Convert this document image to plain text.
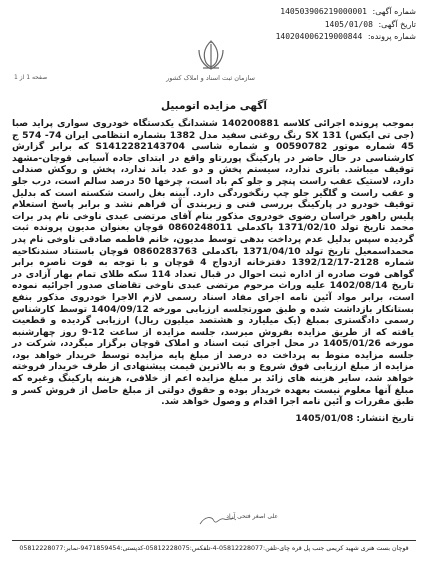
شماره آگهی: 140503906219000001
تاریخ آگهی: 1405/01/08
شماره پرونده: 140204006219000844
سازمان ثبت اسناد و املاک کشور
صفحه 1 از 1
آگهی مزایده اتومبیل
بموجب پرونده اجرائی کلاسه 140200881 ششدانگ یکدستگاه خودروی سواری پراید صبا (جی تی ایکس) SX 131 رنگ روغنی سفید مدل 1382 بشماره انتظامی ایران 74- 574 ج 45 شماره موتور 00590782 و شماره شاسی S1412282143704 که برابر گزارش کارشناسی در حال حاضر در پارکینگ پوررتاو واقع در ابتدای جاده آسیابی قوچان-مشهد توقیف میباشد. باتری ندارد، سیستم پخش و دو عدد باند ندارد، پخش و روکش صندلی دارد، لاستیک عقب راست پنچر و جلو کم باد است، چرخها 50 درصد سالم است، درب جلو و عقب راست و گلگیر جلو چپ رنگخوردگی دارد. آیینه بغل راست شکسته است که بدلیل توقیف خودرو در پارکینگ بررسی فنی و زیربندی آن فراهم نشد و برابر پاسخ استعلام پلیس راهور خراسان رضوی خودروی مذکور بنام آقای مرتضی عبدی ناوخی نام پدر برات محمد تاریخ تولد 1371/02/10 باکدملی 0860248011 قوچان بعنوان مدیون پرونده ثبت گردیده سپس بدلیل عدم پرداخت بدهی توسط مدیون، خانم فاطمه صادقی ناوخی نام پدر محمداسمعیل تاریخ تولد 1371/04/10 باکدملی 0860283763 قوچان باستناد سندنکاحیه شماره 2128-1392/12/17 دفترخانه ازدواج 4 قوچان و با توجه به فوت ناصره برابر گواهی فوت صادره از اداره ثبت احوال در قبال تعداد 114 سکه طلای تمام بهار آزادی در تاریخ 1402/08/14 علیه وراث مرحوم مرتضی عبدی ناوخی تقاضای صدور اجرائیه نموده است، برابر مواد آئین نامه اجرای مفاد اسناد رسمی لازم الاجرا خودروی مذکور بنفع بستانکار بازداشت شده و طبق صورتجلسه ارزیابی مورخه 1404/09/12 توسط کارشناس رسمی دادگستری بمبلغ (یک میلیارد و هشتصد میلیون ریال) ارزیابی گردیده و قطعیت یافته که از طریق مزایده بفروش میرسد، جلسه مزایده از ساعت 12-9 روز چهارشنبه مورخه 1405/01/26 در محل اجرای ثبت اسناد و املاک قوچان برگزار میگردد، شرکت در جلسه مزایده منوط به پرداخت ده درصد از مبلغ پایه مزایده توسط خریدار خواهد بود، مزایده از مبلغ ارزیابی فوق شروع و به بالاترین قیمت پیشنهادی از طرف خریدار فروخته خواهد شد، سایر هزینه های زائد بر مبلغ مزایده اعم از خلافی، هزینه پارکینگ وغیره که مبلغ آنها معلوم نیست بعهده خریدار بوده و حقوق دولتی از مبلغ حاصل از فروش کسر و طبق مقررات و آئین نامه اجرا اقدام و وصول خواهد شد.
تاریخ انتشار: 1405/01/08
علی اصغر فتحی آراد
قوچان بست هنری شهید کریمی جنب پل قره چای-تلفن:05812228077-4-تلفکس:05812228075-کدپستی:9471859454-نمابر:05812228077
